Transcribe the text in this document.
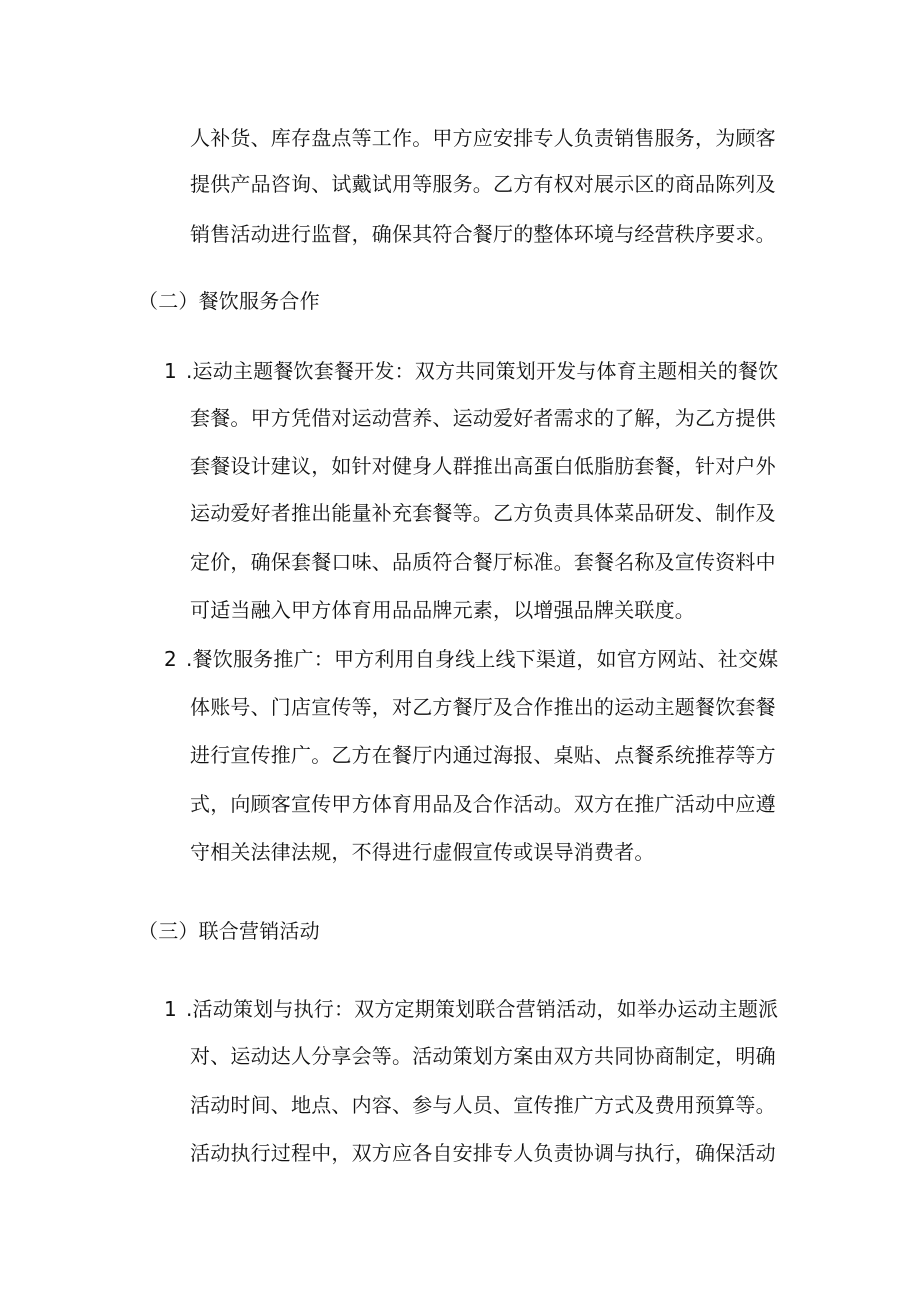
人补货、库存盘点等工作。甲方应安排专人负责销售服务，为顾客
提供产品咨询、试戴试用等服务。乙方有权对展示区的商品陈列及
销售活动进行监督，确保其符合餐厅的整体环境与经营秩序要求。
（二）餐饮服务合作
1 .运动主题餐饮套餐开发：双方共同策划开发与体育主题相关的餐饮
套餐。甲方凭借对运动营养、运动爱好者需求的了解，为乙方提供
套餐设计建议，如针对健身人群推出高蛋白低脂肪套餐，针对户外
运动爱好者推出能量补充套餐等。乙方负责具体菜品研发、制作及
定价，确保套餐口味、品质符合餐厅标准。套餐名称及宣传资料中
可适当融入甲方体育用品品牌元素，以增强品牌关联度。
2 .餐饮服务推广：甲方利用自身线上线下渠道，如官方网站、社交媒
体账号、门店宣传等，对乙方餐厅及合作推出的运动主题餐饮套餐
进行宣传推广。乙方在餐厅内通过海报、桌贴、点餐系统推荐等方
式，向顾客宣传甲方体育用品及合作活动。双方在推广活动中应遵
守相关法律法规，不得进行虚假宣传或误导消费者。
（三）联合营销活动
1 .活动策划与执行：双方定期策划联合营销活动，如举办运动主题派
对、运动达人分享会等。活动策划方案由双方共同协商制定，明确
活动时间、地点、内容、参与人员、宣传推广方式及费用预算等。
活动执行过程中，双方应各自安排专人负责协调与执行，确保活动
